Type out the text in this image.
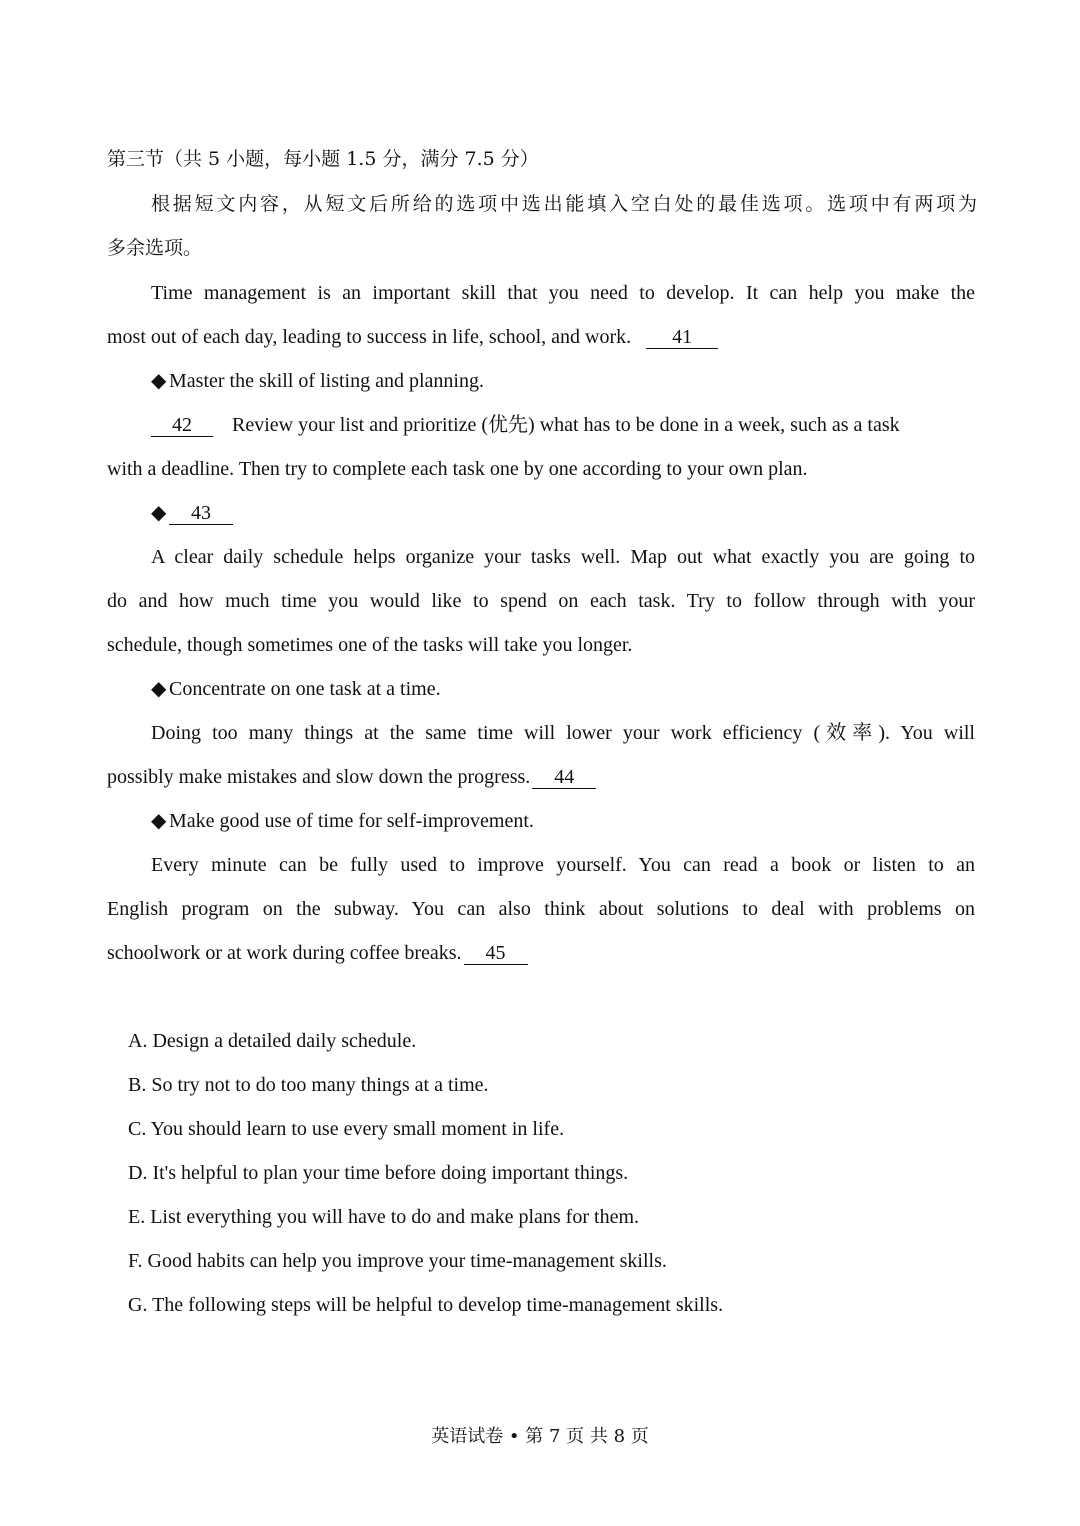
第三节（共 5 小题，每小题 1.5 分，满分 7.5 分）
根据短文内容，从短文后所给的选项中选出能填入空白处的最佳选项。选项中有两项为
多余选项。
Time management is an important skill that you need to develop. It can help you make the
most out of each day, leading to success in life, school, and work. 41
◆ Master the skill of listing and planning.
42 Review your list and prioritize (优先) what has to be done in a week, such as a task
with a deadline. Then try to complete each task one by one according to your own plan.
◆ 43
A clear daily schedule helps organize your tasks well. Map out what exactly you are going to
do and how much time you would like to spend on each task. Try to follow through with your
schedule, though sometimes one of the tasks will take you longer.
◆ Concentrate on one task at a time.
Doing too many things at the same time will lower your work efficiency (效率). You will
possibly make mistakes and slow down the progress. 44
◆ Make good use of time for self-improvement.
Every minute can be fully used to improve yourself. You can read a book or listen to an
English program on the subway. You can also think about solutions to deal with problems on
schoolwork or at work during coffee breaks. 45
A. Design a detailed daily schedule.
B. So try not to do too many things at a time.
C. You should learn to use every small moment in life.
D. It's helpful to plan your time before doing important things.
E. List everything you will have to do and make plans for them.
F. Good habits can help you improve your time-management skills.
G. The following steps will be helpful to develop time-management skills.
英语试卷 • 第 7 页 共 8 页
